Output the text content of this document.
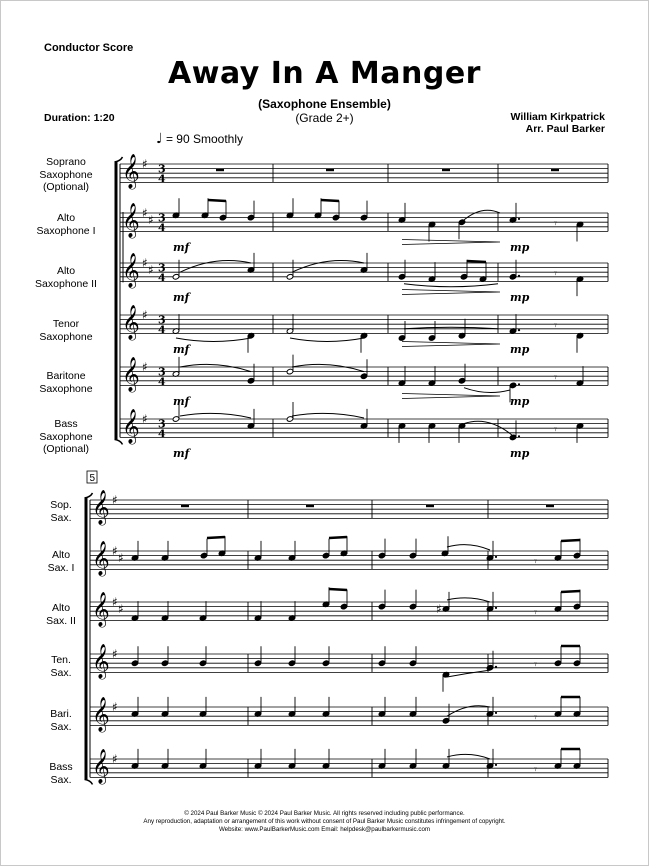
Conductor Score
Away In A Manger
(Saxophone Ensemble)
(Grade 2+)
Duration: 1:20	William Kirkpatrick
Arr. Paul Barker
♩ = 90 Smoothly
Soprano
Saxophone
(Optional)
Alto
Saxophone I
Alto
Saxophone II
Tenor
Saxophone
Baritone
Saxophone
Bass
Saxophone
(Optional)
Sop.
Sax.
Alto
Sax. I
Alto
Sax. II
Ten.
Sax.
Bari.
Sax.
Bass
Sax.
𝄞 ♯ 3
4
𝄞 ♯ ♯ 3
4
𝄞 ♯ ♯ 3
4
𝄞 ♯ 3
4
𝄞 ♯ 3
4
𝄞 ♯ 3
4
𝄾
mf	mp
𝄾
mf	mp
𝄾
mf	mp
𝄾
mf	mp
𝄾
mf	mp
5
𝄞 ♯
𝄞 ♯ ♯
𝄞 ♯ ♯
𝄞 ♯
𝄞 ♯
𝄞 ♯
𝄾
♯	𝄾
𝄾
𝄾
𝄾
© 2024 Paul Barker Music © 2024 Paul Barker Music. All rights reserved including public performance.
Any reproduction, adaptation or arrangement of this work without consent of Paul Barker Music constitutes infringement of copyright.
Website: www.PaulBarkerMusic.com Email: helpdesk@paulbarkermusic.com
